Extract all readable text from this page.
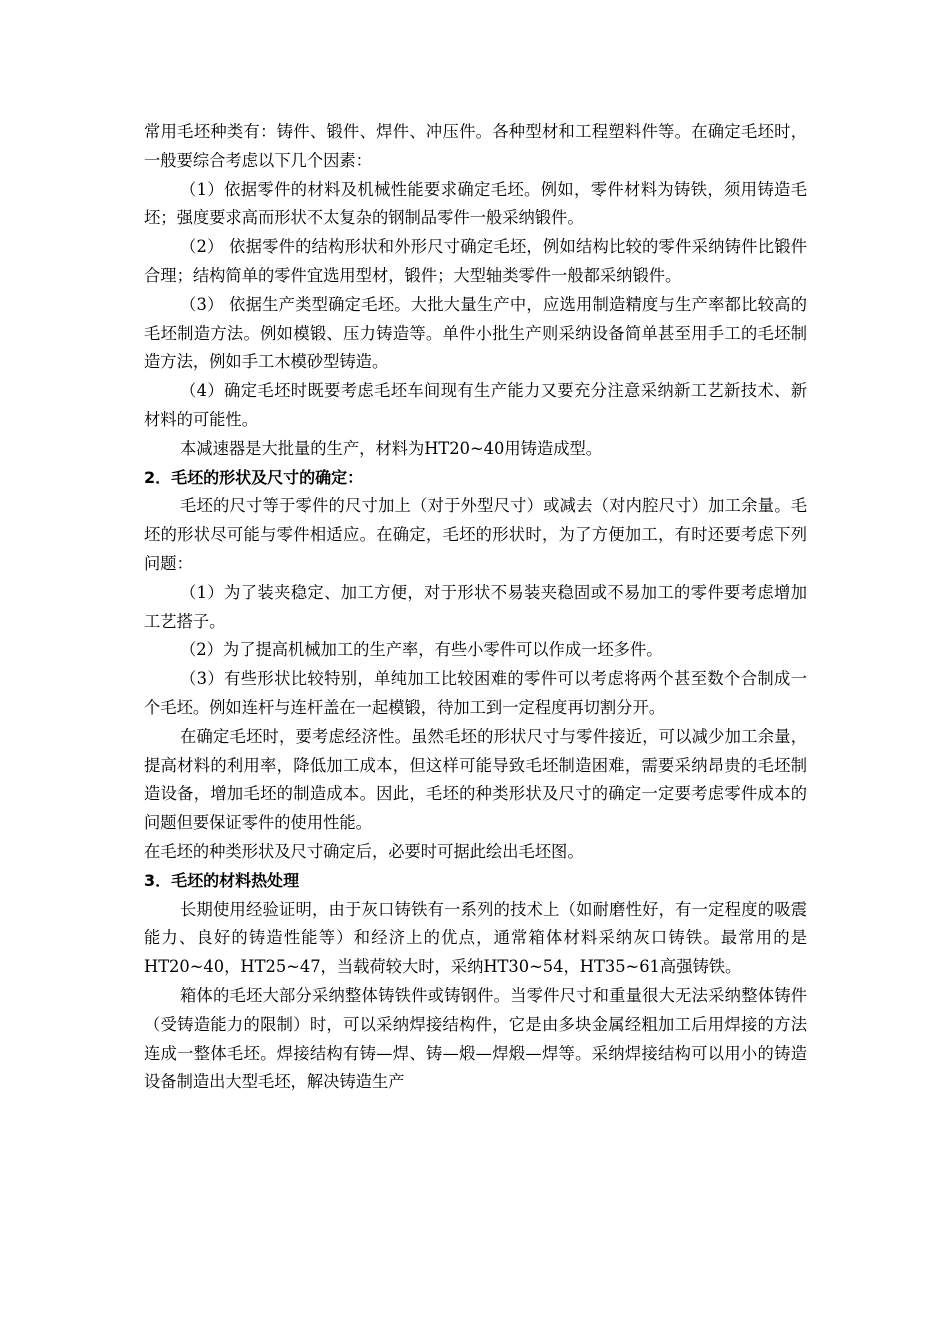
常用毛坯种类有：铸件、锻件、焊件、冲压件。各种型材和工程塑料件等。在确定毛坯时，一般要综合考虑以下几个因素：

（1）依据零件的材料及机械性能要求确定毛坯。例如，零件材料为铸铁，须用铸造毛坯；强度要求高而形状不太复杂的钢制品零件一般采纳锻件。

（2） 依据零件的结构形状和外形尺寸确定毛坯，例如结构比较的零件采纳铸件比锻件合理；结构简单的零件宜选用型材，锻件；大型轴类零件一般都采纳锻件。

（3） 依据生产类型确定毛坯。大批大量生产中，应选用制造精度与生产率都比较高的毛坯制造方法。例如模锻、压力铸造等。单件小批生产则采纳设备简单甚至用手工的毛坯制造方法，例如手工木模砂型铸造。

（4）确定毛坯时既要考虑毛坯车间现有生产能力又要充分注意采纳新工艺新技术、新材料的可能性。

本减速器是大批量的生产，材料为HT20~40用铸造成型。

2．毛坯的形状及尺寸的确定：

毛坯的尺寸等于零件的尺寸加上（对于外型尺寸）或减去（对内腔尺寸）加工余量。毛坯的形状尽可能与零件相适应。在确定，毛坯的形状时，为了方便加工，有时还要考虑下列问题：

（1）为了装夹稳定、加工方便，对于形状不易装夹稳固或不易加工的零件要考虑增加工艺搭子。

（2）为了提高机械加工的生产率，有些小零件可以作成一坯多件。

（3）有些形状比较特别，单纯加工比较困难的零件可以考虑将两个甚至数个合制成一个毛坯。例如连杆与连杆盖在一起模锻，待加工到一定程度再切割分开。

在确定毛坯时，要考虑经济性。虽然毛坯的形状尺寸与零件接近，可以减少加工余量，提高材料的利用率，降低加工成本，但这样可能导致毛坯制造困难，需要采纳昂贵的毛坯制造设备，增加毛坯的制造成本。因此，毛坯的种类形状及尺寸的确定一定要考虑零件成本的问题但要保证零件的使用性能。

在毛坯的种类形状及尺寸确定后，必要时可据此绘出毛坯图。

3．毛坯的材料热处理

长期使用经验证明，由于灰口铸铁有一系列的技术上（如耐磨性好，有一定程度的吸震能力、良好的铸造性能等）和经济上的优点，通常箱体材料采纳灰口铸铁。最常用的是HT20~40，HT25~47，当载荷较大时，采纳HT30~54，HT35~61高强铸铁。

箱体的毛坯大部分采纳整体铸铁件或铸钢件。当零件尺寸和重量很大无法采纳整体铸件（受铸造能力的限制）时，可以采纳焊接结构件，它是由多块金属经粗加工后用焊接的方法连成一整体毛坯。焊接结构有铸—焊、铸—煅—焊煅—焊等。采纳焊接结构可以用小的铸造设备制造出大型毛坯，解决铸造生产
